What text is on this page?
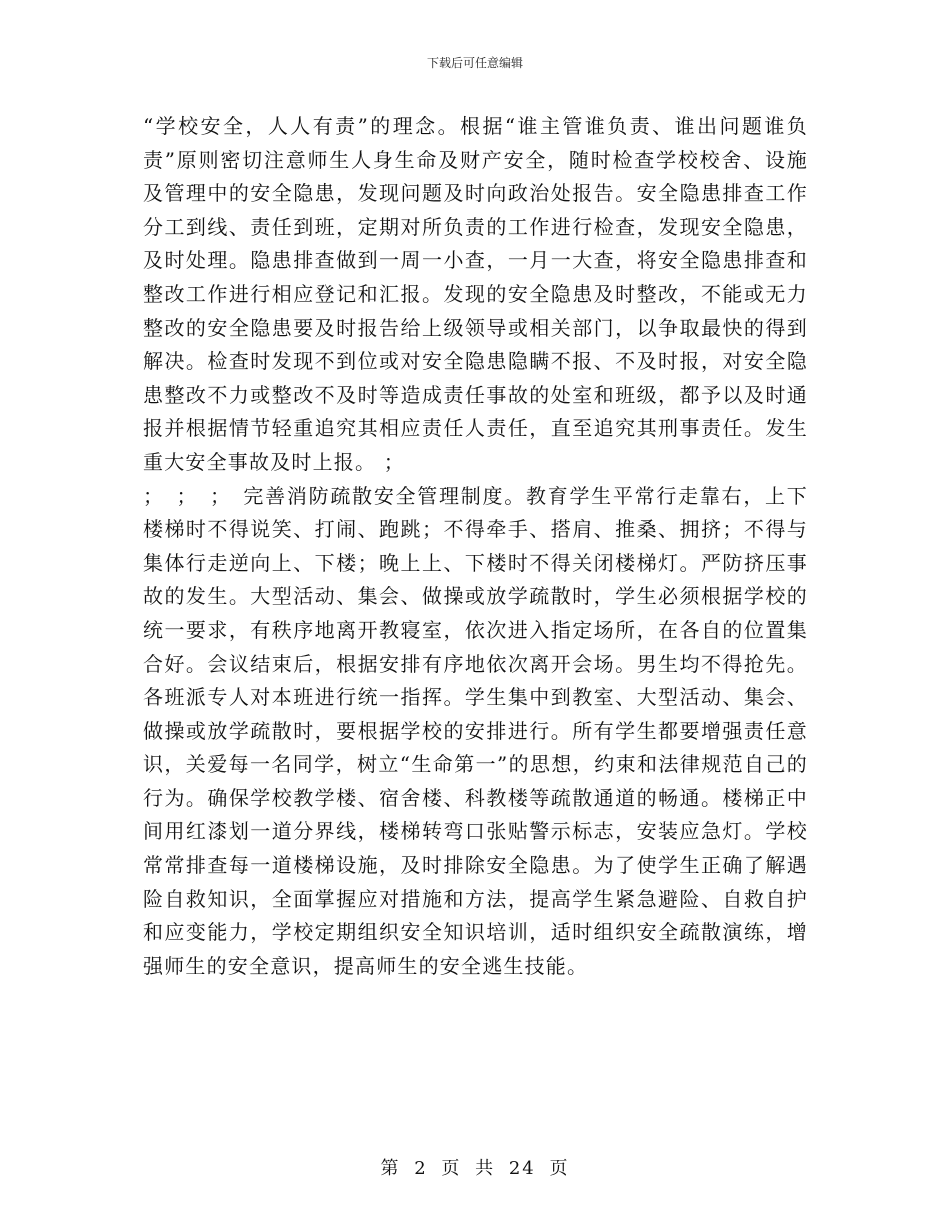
下载后可任意编辑

“学校安全，人人有责”的理念。根据“谁主管谁负责、谁出问题谁负责”原则密切注意师生人身生命及财产安全，随时检查学校校舍、设施及管理中的安全隐患，发现问题及时向政治处报告。安全隐患排查工作分工到线、责任到班，定期对所负责的工作进行检查，发现安全隐患，及时处理。隐患排查做到一周一小查，一月一大查，将安全隐患排查和整改工作进行相应登记和汇报。发现的安全隐患及时整改，不能或无力整改的安全隐患要及时报告给上级领导或相关部门，以争取最快的得到解决。检查时发现不到位或对安全隐患隐瞒不报、不及时报，对安全隐患整改不力或整改不及时等造成责任事故的处室和班级，都予以及时通报并根据情节轻重追究其相应责任人责任，直至追究其刑事责任。发生重大安全事故及时上报。 ；

；　；　；　完善消防疏散安全管理制度。教育学生平常行走靠右，上下楼梯时不得说笑、打闹、跑跳；不得牵手、搭肩、推桑、拥挤；不得与集体行走逆向上、下楼；晚上上、下楼时不得关闭楼梯灯。严防挤压事故的发生。大型活动、集会、做操或放学疏散时，学生必须根据学校的统一要求，有秩序地离开教寝室，依次进入指定场所，在各自的位置集合好。会议结束后，根据安排有序地依次离开会场。男生均不得抢先。各班派专人对本班进行统一指挥。学生集中到教室、大型活动、集会、做操或放学疏散时，要根据学校的安排进行。所有学生都要增强责任意识，关爱每一名同学，树立“生命第一”的思想，约束和法律规范自己的行为。确保学校教学楼、宿舍楼、科教楼等疏散通道的畅通。楼梯正中间用红漆划一道分界线，楼梯转弯口张贴警示标志，安装应急灯。学校常常排查每一道楼梯设施，及时排除安全隐患。为了使学生正确了解遇险自救知识，全面掌握应对措施和方法，提高学生紧急避险、自救自护和应变能力，学校定期组织安全知识培训，适时组织安全疏散演练，增强师生的安全意识，提高师生的安全逃生技能。

第 2 页 共 24 页
